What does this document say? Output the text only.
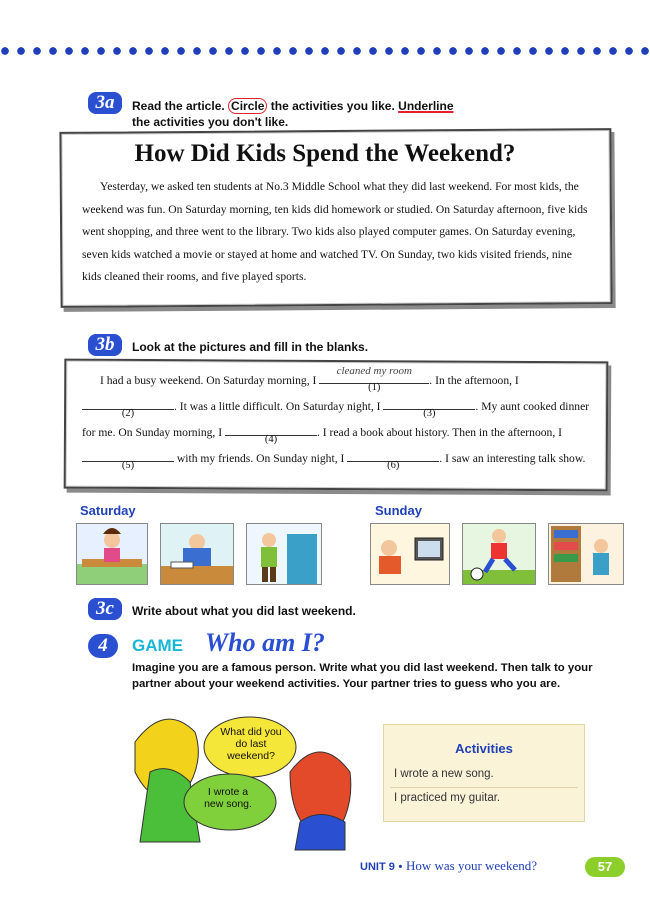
3a	Read the article. Circle the activities you like. Underline
the activities you don't like.
How Did Kids Spend the Weekend?
Yesterday, we asked ten students at No.3 Middle School what they did last weekend. For most kids, the weekend was fun. On Saturday morning, ten kids did homework or studied. On Saturday afternoon, five kids went shopping, and three went to the library. Two kids also played computer games. On Saturday evening, seven kids watched a movie or stayed at home and watched TV. On Sunday, two kids visited friends, nine kids cleaned their rooms, and five played sports.
3b	Look at the pictures and fill in the blanks.
I had a busy weekend. On Saturday morning, I
cleaned my room
(1)
. In the afternoon, I
(2)
. It was a little difficult. On Saturday night, I
(3)
. My aunt cooked dinner for me. On Sunday morning, I
(4)
. I read a book about history. Then in the afternoon, I
(5)
with my friends. On Sunday night, I
(6)
. I saw an interesting talk show.
Saturday	Sunday
3c	Write about what you did last weekend.
4	GAME Who am I?
Imagine you are a famous person. Write what you did last weekend. Then talk to your partner about your weekend activities. Your partner tries to guess who you are.
What did you do last weekend?
I wrote a new song.
Activities
I wrote a new song.
I practiced my guitar.
UNIT 9 • How was your weekend?	57
